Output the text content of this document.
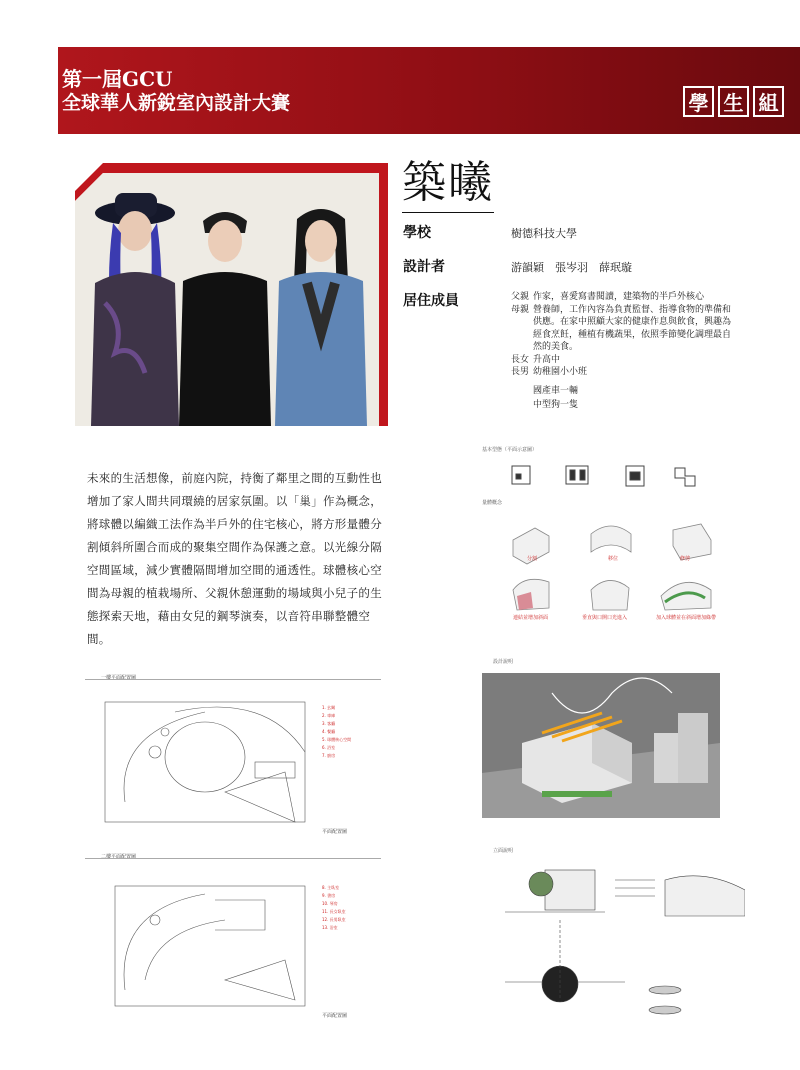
第一屆GCU
全球華人新銳室內設計大賽	學 生 組
築曦
學校	樹德科技大學
設計者	游韻穎　張岑羽　薛珉璇
居住成員	父親 作家，喜愛寫書閱讀，建築物的半戶外核心
母親 營養師，工作內容為負責監督、指導食物的準備和供應。在家中照顧大家的健康作息與飲食，興趣為經食烹飪，種植有機蔬果，依照季節變化調理最自然的美食。
長女 升高中
長男 幼稚園小小班
國產車一輛
中型狗一隻
未來的生活想像，前庭內院，持衡了鄰里之間的互動性也增加了家人間共同環繞的居家氛圍。以「巢」作為概念，將球體以編織工法作為半戶外的住宅核心，將方形量體分割傾斜所圍合而成的聚集空間作為保護之意。以光線分隔空間區域，減少實體隔間增加空間的通透性。球體核心空間為母親的植栽場所、父親休憩運動的場域與小兒子的生態探索天地，藉由女兒的鋼琴演奏，以音符串聯整體空間。
基本型態（平面示意圖）
量體概念
分割	移位	修剪
連結並增加斜面	垂直與口開口光進入	加入球體並在斜面增加綠帶
設計說明
立面說明
一樓平面配置圖
1. 玄關
2. 車庫
3. 客廳
4. 餐廳
5. 球體核心空間
6. 浴室
7. 廚房
平面配置圖
二樓平面配置圖
8. 主臥室
9. 書房
10. 琴房
11. 長女臥室
12. 長男臥室
13. 浴室
平面配置圖
